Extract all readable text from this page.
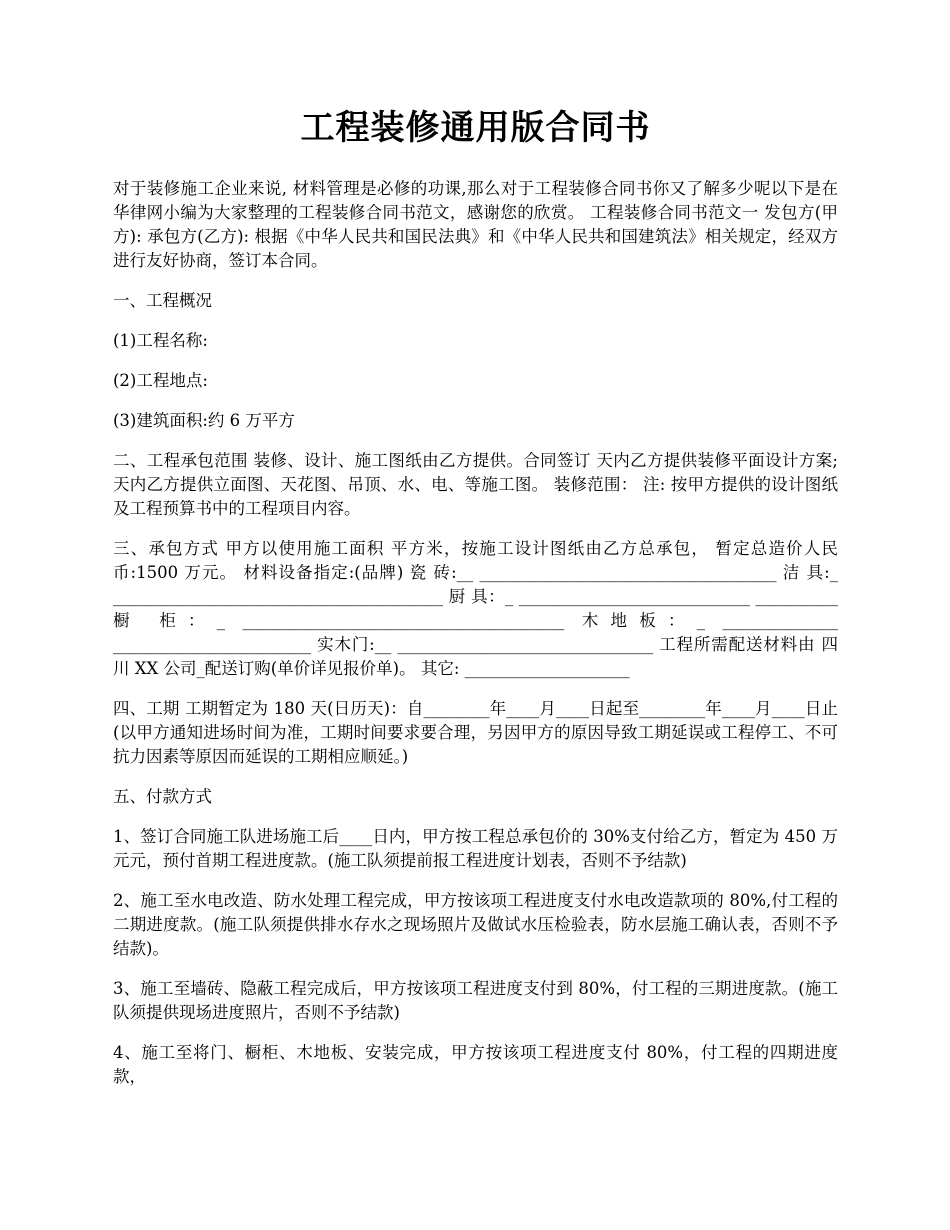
工程装修通用版合同书

对于装修施工企业来说, 材料管理是必修的功课,那么对于工程装修合同书你又了解多少呢以下是在华律网小编为大家整理的工程装修合同书范文，感谢您的欣赏。 工程装修合同书范文一 发包方(甲方): 承包方(乙方): 根据《中华人民共和国民法典》和《中华人民共和国建筑法》相关规定，经双方进行友好协商，签订本合同。

一、工程概况

(1)工程名称:

(2)工程地点:

(3)建筑面积:约 6 万平方

二、工程承包范围 装修、设计、施工图纸由乙方提供。合同签订 天内乙方提供装修平面设计方案; 天内乙方提供立面图、天花图、吊顶、水、电、等施工图。 装修范围： 注: 按甲方提供的设计图纸及工程预算书中的工程项目内容。

三、承包方式 甲方以使用施工面积 平方米，按施工设计图纸由乙方总承包， 暂定总造价人民币:1500 万元。 材料设备指定:(品牌) 瓷 砖:__ ____________________________________ 洁 具:_ ________________________________________ 厨 具：_ ____________________________ __________ 橱 柜：_ _______________________________________ 木地板：_ ______________ ________________________ 实木门:__ _______________________________ 工程所需配送材料由 四川 XX 公司_配送订购(单价详见报价单)。 其它: ____________________

四、工期 工期暂定为 180 天(日历天)：自________年____月____日起至________年____月____日止(以甲方通知进场时间为准，工期时间要求要合理，另因甲方的原因导致工期延误或工程停工、不可抗力因素等原因而延误的工期相应顺延。)

五、付款方式

1、签订合同施工队进场施工后____日内，甲方按工程总承包价的 30%支付给乙方，暂定为 450 万元元，预付首期工程进度款。(施工队须提前报工程进度计划表，否则不予结款)

2、施工至水电改造、防水处理工程完成，甲方按该项工程进度支付水电改造款项的 80%,付工程的二期进度款。(施工队须提供排水存水之现场照片及做试水压检验表，防水层施工确认表，否则不予结款)。

3、施工至墙砖、隐蔽工程完成后，甲方按该项工程进度支付到 80%，付工程的三期进度款。(施工队须提供现场进度照片，否则不予结款)

4、施工至将门、橱柜、木地板、安装完成，甲方按该项工程进度支付 80%，付工程的四期进度款，
